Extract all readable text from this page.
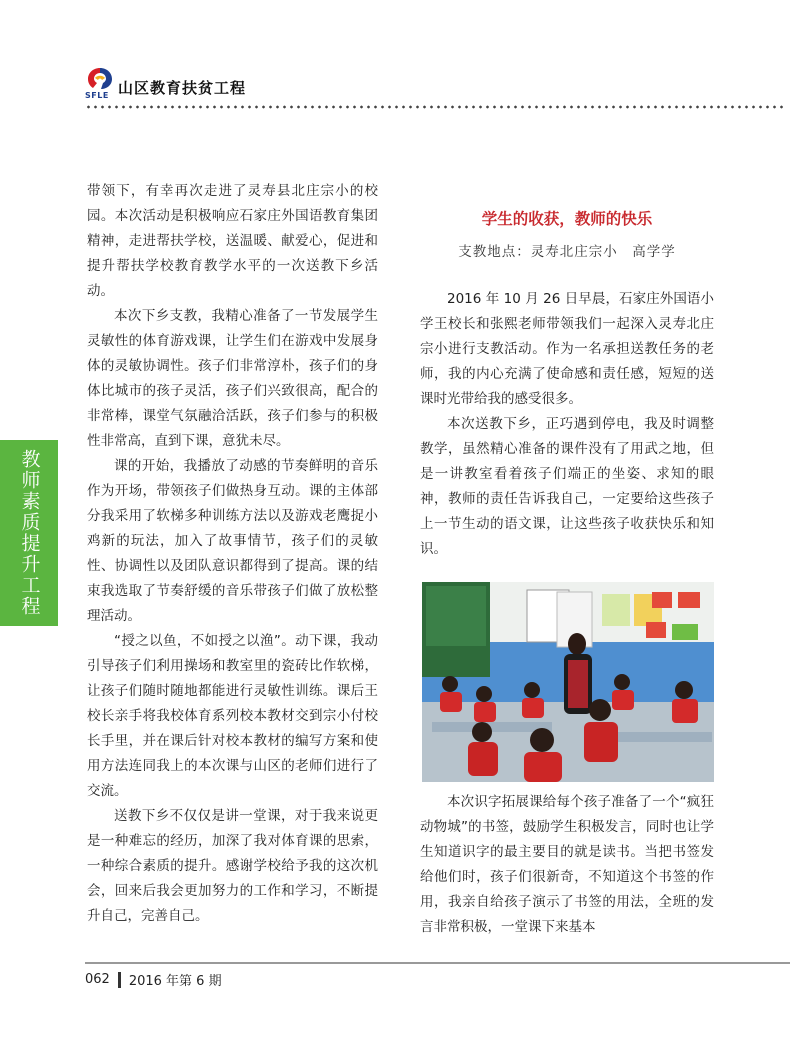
SFLE 山区教育扶贫工程
教师素质提升工程

带领下，有幸再次走进了灵寿县北庄宗小的校园。本次活动是积极响应石家庄外国语教育集团精神，走进帮扶学校，送温暖、献爱心，促进和提升帮扶学校教育教学水平的一次送教下乡活动。

本次下乡支教，我精心准备了一节发展学生灵敏性的体育游戏课，让学生们在游戏中发展身体的灵敏协调性。孩子们非常淳朴，孩子们的身体比城市的孩子灵活，孩子们兴致很高，配合的非常棒，课堂气氛融洽活跃，孩子们参与的积极性非常高，直到下课，意犹未尽。

课的开始，我播放了动感的节奏鲜明的音乐作为开场，带领孩子们做热身互动。课的主体部分我采用了软梯多种训练方法以及游戏老鹰捉小鸡新的玩法，加入了故事情节，孩子们的灵敏性、协调性以及团队意识都得到了提高。课的结束我选取了节奏舒缓的音乐带孩子们做了放松整理活动。

“授之以鱼，不如授之以渔”。动下课，我动引导孩子们利用操场和教室里的瓷砖比作软梯，让孩子们随时随地都能进行灵敏性训练。课后王校长亲手将我校体育系列校本教材交到宗小付校长手里，并在课后针对校本教材的编写方案和使用方法连同我上的本次课与山区的老师们进行了交流。

送教下乡不仅仅是讲一堂课，对于我来说更是一种难忘的经历，加深了我对体育课的思索，一种综合素质的提升。感谢学校给予我的这次机会，回来后我会更加努力的工作和学习，不断提升自己，完善自己。

学生的收获，教师的快乐
支教地点：灵寿北庄宗小　高学学

2016 年 10 月 26 日早晨，石家庄外国语小学王校长和张熙老师带领我们一起深入灵寿北庄宗小进行支教活动。作为一名承担送教任务的老师，我的内心充满了使命感和责任感，短短的送课时光带给我的感受很多。

本次送教下乡，正巧遇到停电，我及时调整教学，虽然精心准备的课件没有了用武之地，但是一讲教室看着孩子们端正的坐姿、求知的眼神，教师的责任告诉我自己，一定要给这些孩子上一节生动的语文课，让这些孩子收获快乐和知识。

本次识字拓展课给每个孩子准备了一个“疯狂动物城”的书签，鼓励学生积极发言，同时也让学生知道识字的最主要目的就是读书。当把书签发给他们时，孩子们很新奇，不知道这个书签的作用，我亲自给孩子演示了书签的用法，全班的发言非常积极，一堂课下来基本

062 2016 年第 6 期
